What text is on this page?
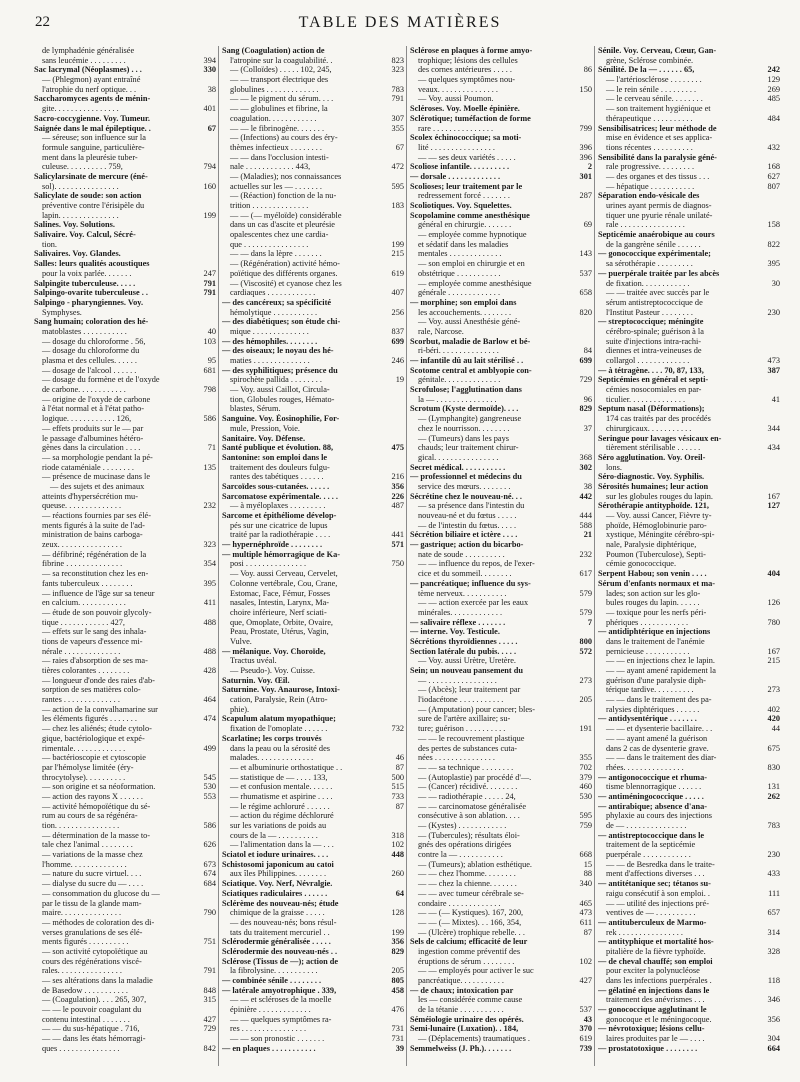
22	TABLE DES MATIÈRES
de lymphadénie généralisée
sans leucémie . . . . . . . . .	394
Sac lacrymal (Néoplasmes) . . .	330
— (Phlegmon) ayant entraîné
l'atrophie du nerf optique. . .	38
Saccharomyces agents de ménin-
gite. . . . . . . . . . . . . . . .	401
Sacro-coccygienne. Voy. Tumeur.
Saignée dans le mal épileptique. .	67
— séreuse; son influence sur la
formule sanguine, particulière-
ment dans la pleurésie tuber-
culeuse. . . . . . . . . . 759,	794
Salicylarsinate de mercure (éné-
sol). . . . . . . . . . . . . . . .	160
Salicylate de soude: son action
préventive contre l'érisipèle du
lapin. . . . . . . . . . . . . . .	199
Salines. Voy. Solutions.
Salivaire. Voy. Calcul, Sécré-
tion.
Salivaires. Voy. Glandes.
Salles: leurs qualités acoustiques
pour la voix parlée. . . . . . .	247
Salpingite tuberculeuse. . . . .	791
Salpingo-ovarite tuberculeuse . .	791
Salpingo - pharyngiennes. Voy.
Symphyses.
Sang humain; coloration des hé-
matoblastes . . . . . . . . . . .	40
— dosage du chloroforme . 56,	103
— dosage du chloroforme du
plasma et des cellules. . . . . .	95
— dosage de l'alcool . . . . . .	681
— dosage du formène et de l'oxyde
de carbone. . . . . . . . . . . .	798
— origine de l'oxyde de carbone
à l'état normal et à l'état patho-
logique. . . . . . . . . . . . 126,	586
— effets produits sur le — par
le passage d'albumines hétéro-
gènes dans la circulation . . . .	71
— sa morphologie pendant la pé-
riode cataméniale . . . . . . . .	135
— présence de mucinase dans le
— des sujets et des animaux
atteints d'hypersécrétion mu-
queuse. . . . . . . . . . . . . .	232
— réactions fournies par ses élé-
ments figurés à la suite de l'ad-
ministration de bains carboga-
zeux. . . . . . . . . . . . . . . .	323
— défibriné; régénération de la
fibrine . . . . . . . . . . . . . .	354
— sa reconstitution chez les en-
fants tuberculeux . . . . . . . .	395
— influence de l'âge sur sa teneur
en calcium. . . . . . . . . . . .	411
— étude de son pouvoir glycoly-
tique . . . . . . . . . . . . 427,	488
— effets sur le sang des inhala-
tions de vapeurs d'essence mi-
nérale . . . . . . . . . . . . . .	488
— raies d'absorption de ses ma-
tières colorantes . . . . . . . .	428
— longueur d'onde des raies d'ab-
sorption de ses matières colo-
rantes . . . . . . . . . . . . . .	464
— action de la convalhamarine sur
les éléments figurés . . . . . . .	474
— chez les aliénés; étude cytolo-
gique, bactériologique et expé-
rimentale. . . . . . . . . . . . .	499
— bactérioscopie et cytoscopie
par l'hémolyse limitée (éry-
throcytolyse). . . . . . . . . .	545
— son origine et sa néoformation.	530
— action des rayons X . . . . . .	553
— activité hémopoïétique du sé-
rum au cours de sa régénéra-
tion. . . . . . . . . . . . . . . .	586
— détermination de la masse to-
tale chez l'animal . . . . . . . .	626
— variations de la masse chez
l'homme. . . . . . . . . . . . . .	673
— nature du sucre virtuel. . . .	674
— dialyse du sucre du — . . . .	684
— consommation du glucose du —
par le tissu de la glande mam-
maire. . . . . . . . . . . . . . .	790
— méthodes de coloration des di-
verses granulations de ses élé-
ments figurés . . . . . . . . . .	751
— son activité cytopoïétique au
cours des régénérations viscé-
rales. . . . . . . . . . . . . . . .	791
— ses altérations dans la maladie
de Basedow . . . . . . . . . . .	848
— (Coagulation). . . . 265, 307,	315
— — le pouvoir coagulant du
contenu intestinal . . . . . . .	427
— — du sus-hépatique . 716,	729
— — dans les états hémorragi-
ques . . . . . . . . . . . . . . .	842
Sang (Coagulation) action de
l'atropine sur la coagulabilité. .	823
— (Colloïdes) . . . . . 102, 245,	323
— — transport électrique des
globulines . . . . . . . . . . . . .	783
— — le pigment du sérum. . . .	791
— — globulines et fibrine, la
coagulation. . . . . . . . . . . .	307
— — le fibrinogène. . . . . . .	355
— (Infections) au cours des éry-
thèmes infectieux . . . . . . . .	67
— — dans l'occlusion intesti-
nale . . . . . . . . . . . . 443,	472
— (Maladies); nos connaissances
actuelles sur les — . . . . . . .	595
— (Réaction) fonction de la nu-
trition . . . . . . . . . . . . . .	183
— — (— myéloïde) considérable
dans un cas d'ascite et pleurésie
opalescentes chez une cardia-
que . . . . . . . . . . . . . . . .	199
— — dans la lèpre . . . . . . .	215
— (Régénération) activité hémo-
poïétique des différents organes.	619
— (Viscosité) et cyanose chez les
cardiaques . . . . . . . . . . . .	407
— des cancéreux; sa spécificité
hémolytique . . . . . . . . . . .	256
— des diabétiques; son étude chi-
mique . . . . . . . . . . . . . .	837
— des hémophiles. . . . . . . .	699
— des oiseaux; le noyau des hé-
maties . . . . . . . . . . . . . .	246
— des syphilitiques; présence du
spirochète pallida . . . . . . . .	19
— Voy. aussi Caillot, Circula-
tion, Globules rouges, Hémato-
blastes, Sérum.
Sanguine. Voy. Éosinophilie, For-
mule, Pression, Voie.
Sanitaire. Voy. Défense.
Santé publique et évolution. 88,	475
Santonine: son emploi dans le
traitement des douleurs fulgu-
rantes des tabétiques . . . . . .	216
Sarcoïdes sous-cutanées. . . . . .	356
Sarcomatose expérimentale. . . . .	226
— à myéloplaxes . . . . . . . . .	487
Sarcome et épithéliome dévelop-
pés sur une cicatrice de lupus
traité par la radiothérapie . . . .	441
— hypernéphroïde . . . . . . . .	571
— multiple hémorragique de Ka-
posi . . . . . . . . . . . . . . .	750
— Voy. aussi Cerveau, Cervelet,
Colonne vertébrale, Cou, Crane,
Estomac, Face, Fémur, Fosses
nasales, Intestin, Larynx, Ma-
choire inférieure, Nerf sciati-
que, Omoplate, Orbite, Ovaire,
Peau, Prostate, Utérus, Vagin,
Vulve.
— mélanique. Voy. Choroïde,
Tractus uvéal.
— Pseudo-). Voy. Cuisse.
Saturnin. Voy. Œil.
Saturnine. Voy. Anaurose, Intoxi-
cation, Paralysie, Rein (Atro-
phie).
Scapulum alatum myopathique;
fixation de l'omoplate . . . . . .	732
Scarlatine; les corps trouvés
dans la peau ou la sérosité des
malades. . . . . . . . . . . . . .	46
— et albuminurie orthostatique . .	87
— statistique de — . . . . 133,	500
— et confusion mentale. . . . . .	515
— rhumatisme et aspirine . . . .	733
— le régime achloruré . . . . . .	87
— action du régime déchloruré
sur les variations de poids au
cours de la — . . . . . . . . . .	318
— l'alimentation dans la — . . .	102
Sciatol et iodure urinaires. . . .	448
Schistosomi japonicum au catoi
aux îles Philippines. . . . . . . .	260
Sciatique. Voy. Nerf, Névralgie.
Sciatiques radiculaires . . . . . .	64
Sclérème des nouveau-nés; étude
chimique de la graisse . . . . .	128
— des nouveau-nés; bons résul-
tats du traitement mercuriel . .	199
Sclérodermie généralisée . . . . .	356
Sclérodermie des nouveau-nés . .	829
Sclérose (Tissus de —); action de
la fibrolysine. . . . . . . . . . .	205
— combinée sénile . . . . . . . .	805
— latérale amyotrophique . 339,	458
— — et scléroses de la moelle
épinière . . . . . . . . . . . . .	476
— — quelques symptômes ra-
res . . . . . . . . . . . . . . . .	731
— — son pronostic . . . . . . .	731
— en plaques . . . . . . . . . . .	39
Sclérose en plaques à forme amyo-
trophique; lésions des cellules
des cornes antérieures . . . . .	86
— quelques symptômes nou-
veaux. . . . . . . . . . . . . . .	150
— Voy. aussi Poumon.
Scléroses. Voy. Moelle épinière.
Sclérotique; tuméfaction de forme
rare . . . . . . . . . . . . . . .	799
Scolex échinococcique; sa moti-
lité . . . . . . . . . . . . . . . .	396
— — ses deux variétés . . . . .	396
Scoliose infantile. . . . . . . . . .	2
— dorsale . . . . . . . . . . . . .	301
Scolioses; leur traitement par le
redressement forcé . . . . . . .	287
Scoliotiques. Voy. Squelettes.
Scopolamine comme anesthésique
général en chirurgie. . . . . . .	69
— employée comme hypnotique
et sédatif dans les maladies
mentales . . . . . . . . . . . . .	143
— son emploi en chirurgie et en
obstétrique . . . . . . . . . . .	537
— employée comme anesthésique
générale . . . . . . . . . . . . .	658
— morphine; son emploi dans
les accouchements. . . . . . . .	820
— Voy. aussi Anesthésie géné-
rale, Narcose.
Scorbut, maladie de Barlow et bé-
ri-béri. . . . . . . . . . . . . . .	84
— infantile dû au lait stérilisé . .	699
Scotome central et amblyopie con-
génitale. . . . . . . . . . . . . .	729
Scrofulose; l'agglutination dans
la — . . . . . . . . . . . . . . .	96
Scrotum (Kyste dermoïde). . . .	829
— (Lymphangite) gangreneuse
chez le nourrisson. . . . . . . .	37
— (Tumeurs) dans les pays
chauds; leur traitement chirur-
gical. . . . . . . . . . . . . . . .	368
Secret médical. . . . . . . . . . .	302
— professionnel et médecins du
service des mœurs. . . . . . . .	38
Sécrétine chez le nouveau-né. . .	442
— sa présence dans l'intestin du
nouveau-né et du fœtus . . . . .	444
— de l'intestin du fœtus. . . . .	588
Sécrétion biliaire et ictère . . . .	21
— gastrique; action du bicarbo-
nate de soude . . . . . . . . . .	232
— — influence du repos, de l'exer-
cice et du sommeil. . . . . . . .	617
— pancréatique; influence du sys-
tème nerveux. . . . . . . . . . .	579
— — action exercée par les eaux
minérales. . . . . . . . . . . . .	579
— salivaire réflexe . . . . . . .	7
— interne. Voy. Testicule.
Sécrétions thyroïdiennes . . . . .	800
Section latérale du pubis. . . . .	572
— Voy. aussi Urètre, Uretère.
Sein; un nouveau pansement du
— . . . . . . . . . . . . . . . . .	273
— (Abcès); leur traitement par
l'iodacétone . . . . . . . . . . .	205
— (Amputation) pour cancer; bles-
sure de l'artère axillaire; su-
ture; guérison . . . . . . . . . .	191
— — le recouvrement plastique
des pertes de substances cuta-
nées . . . . . . . . . . . . . . .	355
— — sa technique . . . . . . . .	702
— (Autoplastie) par procédé d'—.	379
— (Cancer) récidivé. . . . . . . .	460
— — radiothérapie . . . . . 24,	530
— — carcinomatose généralisée
consécutive à son ablation. . . .	595
— (Kystes) . . . . . . . . . . . .	759
— (Tubercules); résultats éloi-
gnés des opérations dirigées
contre la — . . . . . . . . . . .	668
— (Tumeurs); ablation esthétique.	15
— — chez l'homme. . . . . . . .	88
— — chez la chienne. . . . . . .	340
— — avec tumeur cérébrale se-
condaire . . . . . . . . . . . . .	465
— — (— Kystiques). 167, 200,	473
— — (— Mixtes). . . 166, 354,	611
— (Ulcère) trophique rebelle. . .	87
Sels de calcium; efficacité de leur
ingestion comme préventif des
éruptions de sérum . . . . . . . .	102
— — employés pour activer le suc
pancréatique. . . . . . . . . . .	427
— de chaux; intoxication par
les — considérée comme cause
de la tétanie . . . . . . . . . . .	537
Séméiologie urinaire des opérés.	43
Semi-lunaire (Luxation). . 184,	370
— (Déplacements) traumatiques .	619
Semmelweiss (J. Ph.). . . . . . .	739
Sénile. Voy. Cerveau, Cœur, Gan-
grène, Sclérose combinée.
Sénilité. De la — . . . . . . 65,	242
— l'artériosclérose . . . . . . . .	129
— le rein sénile . . . . . . . . .	269
— le cerveau sénile. . . . . . . .	485
— son traitement hygiénique et
thérapeutique . . . . . . . . . .	484
Sensibilisatrices; leur méthode de
mise en évidence et ses applica-
tions récentes . . . . . . . . . .	432
Sensibilité dans la paralysie géné-
rale progressive. . . . . . . . .	168
— des organes et des tissus . . .	627
— hépatique . . . . . . . . . . .	807
Séparation endo-vésicale des
urines ayant permis de diagnos-
tiquer une pyurie rénale unilaté-
rale . . . . . . . . . . . . . . . .	158
Septicémie anaérobique au cours
de la gangrène sénile . . . . . .	822
— gonococcique expérimentale;
sa sérothérapie . . . . . . . . .	395
— puerpérale traitée par les abcès
de fixation. . . . . . . . . . . .	30
— — traitée avec succès par le
sérum antistreptococcique de
l'Institut Pasteur . . . . . . . .	230
— streptococcique; méningite
cérébro-spinale; guérison à la
suite d'injections intra-rachi-
diennes et intra-veineuses de
collargol . . . . . . . . . . . . .	473
— à tétragène. . . . 70, 87, 133,	387
Septicémies en général et septi-
cémies nosocomiales en par-
ticulier. . . . . . . . . . . . . .	41
Septum nasal (Déformations);
174 cas traités par des procédés
chirurgicaux. . . . . . . . . . .	344
Seringue pour lavages vésicaux en-
tièrement stérilisable . . . . . .	434
Séro agglutination. Voy. Oreil-
lons.
Séro-diagnostic. Voy. Syphilis.
Sérosités humaines; leur action
sur les globules rouges du lapin.	167
Sérothérapie antityphoïde. 121,	127
— Voy. aussi Cancer, Fièvre ty-
phoïde, Hémoglobinurie paro-
xystique, Méningite cérébro-spi-
nale, Paralysie diphtérique,
Poumon (Tuberculose), Septi-
cémie gonococcique.
Serpent Habou; son venin . . . .	404
Sérum d'enfants normaux et ma-
lades; son action sur les glo-
bules rouges du lapin. . . . . .	126
— toxique pour les nerfs péri-
phériques . . . . . . . . . . . .	780
— antidiphtérique en injections
dans le traitement de l'anémie
pernicieuse . . . . . . . . . . .	167
— — en injections chez le lapin.	215
— — ayant amené rapidement la
guérison d'une paralysie diph-
térique tardive. . . . . . . . . .	273
— — dans le traitement des pa-
ralysies diphtériques . . . . . .	402
— antidysentérique . . . . . . .	420
— — et dysenterie bacillaire. . .	44
— — ayant amené la guérison
dans 2 cas de dysenterie grave.	675
— — dans le traitement des diar-
rhées. . . . . . . . . . . . . . .	830
— antigonococcique et rhuma-
tisme blennorragique . . . . . .	131
— antiméningococcique . . . . .	262
— antirabique; absence d'ana-
phylaxie au cours des injections
de — . . . . . . . . . . . . . . .	783
— antistreptococcique dans le
traitement de la septicémie
puerpérale . . . . . . . . . . . .	230
— — de Besredka dans le traite-
ment d'affections diverses . . .	433
— antitétanique sec; tétanos su-
raigu consécutif à son emploi. .	111
— — utilité des injections pré-
ventives de — . . . . . . . . . .	657
— antituberculeux de Marmo-
rek . . . . . . . . . . . . . . . .	314
— antityphique et mortalité hos-
pitalière de la fièvre typhoïde.	328
— de cheval chauffé; son emploi
pour exciter la polynucléose
dans les infections puerpérales .	118
— gélatiné en injections dans le
traitement des anévrismes . . .	346
— gonococcique agglutinant le
gonocoque et le méningocoque.	356
— névrotoxique; lésions cellu-
laires produites par le — . . . .	304
— prostatotoxique . . . . . . . .	664
